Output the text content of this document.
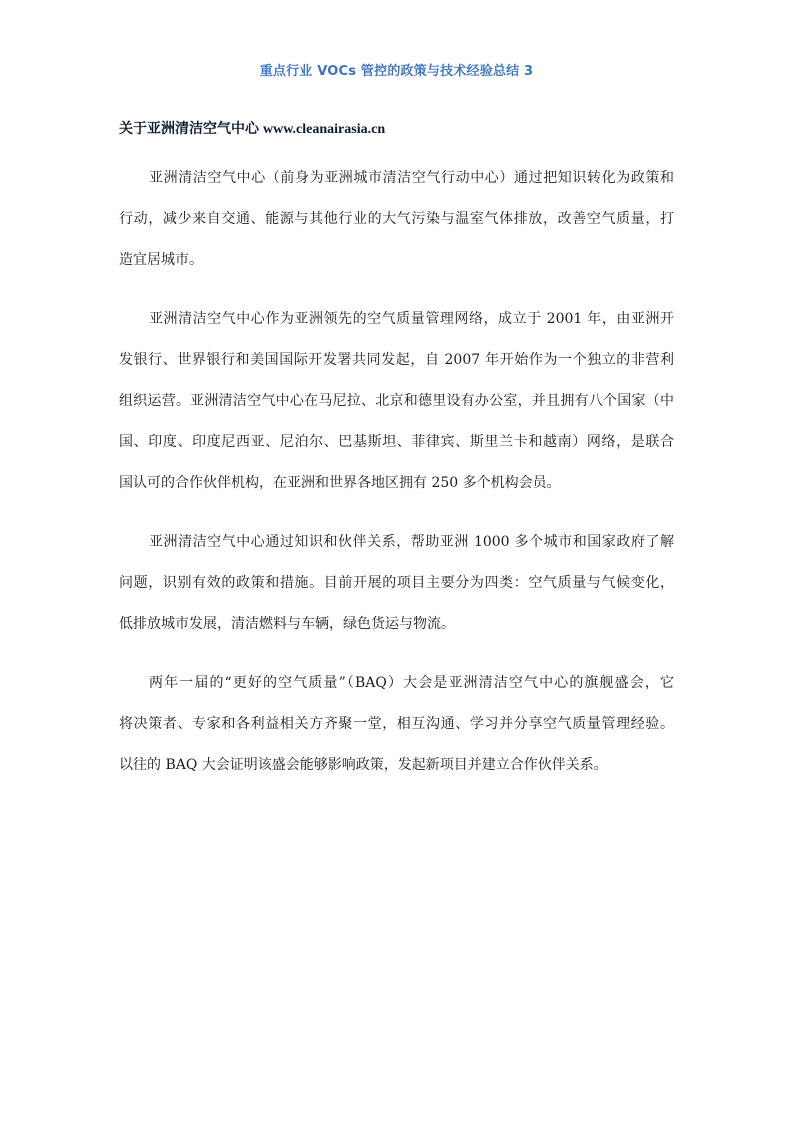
重点行业 VOCs 管控的政策与技术经验总结 3
关于亚洲清洁空气中心 www.cleanairasia.cn

亚洲清洁空气中心（前身为亚洲城市清洁空气行动中心）通过把知识转化为政策和
行动，减少来自交通、能源与其他行业的大气污染与温室气体排放，改善空气质量，打
造宜居城市。

亚洲清洁空气中心作为亚洲领先的空气质量管理网络，成立于 2001 年，由亚洲开
发银行、世界银行和美国国际开发署共同发起，自 2007 年开始作为一个独立的非营利
组织运营。亚洲清洁空气中心在马尼拉、北京和德里设有办公室，并且拥有八个国家（中
国、印度、印度尼西亚、尼泊尔、巴基斯坦、菲律宾、斯里兰卡和越南）网络，是联合
国认可的合作伙伴机构，在亚洲和世界各地区拥有 250 多个机构会员。

亚洲清洁空气中心通过知识和伙伴关系，帮助亚洲 1000 多个城市和国家政府了解
问题，识别有效的政策和措施。目前开展的项目主要分为四类：空气质量与气候变化，
低排放城市发展，清洁燃料与车辆，绿色货运与物流。

两年一届的“更好的空气质量”（BAQ）大会是亚洲清洁空气中心的旗舰盛会，它
将决策者、专家和各利益相关方齐聚一堂，相互沟通、学习并分享空气质量管理经验。
以往的 BAQ 大会证明该盛会能够影响政策，发起新项目并建立合作伙伴关系。
